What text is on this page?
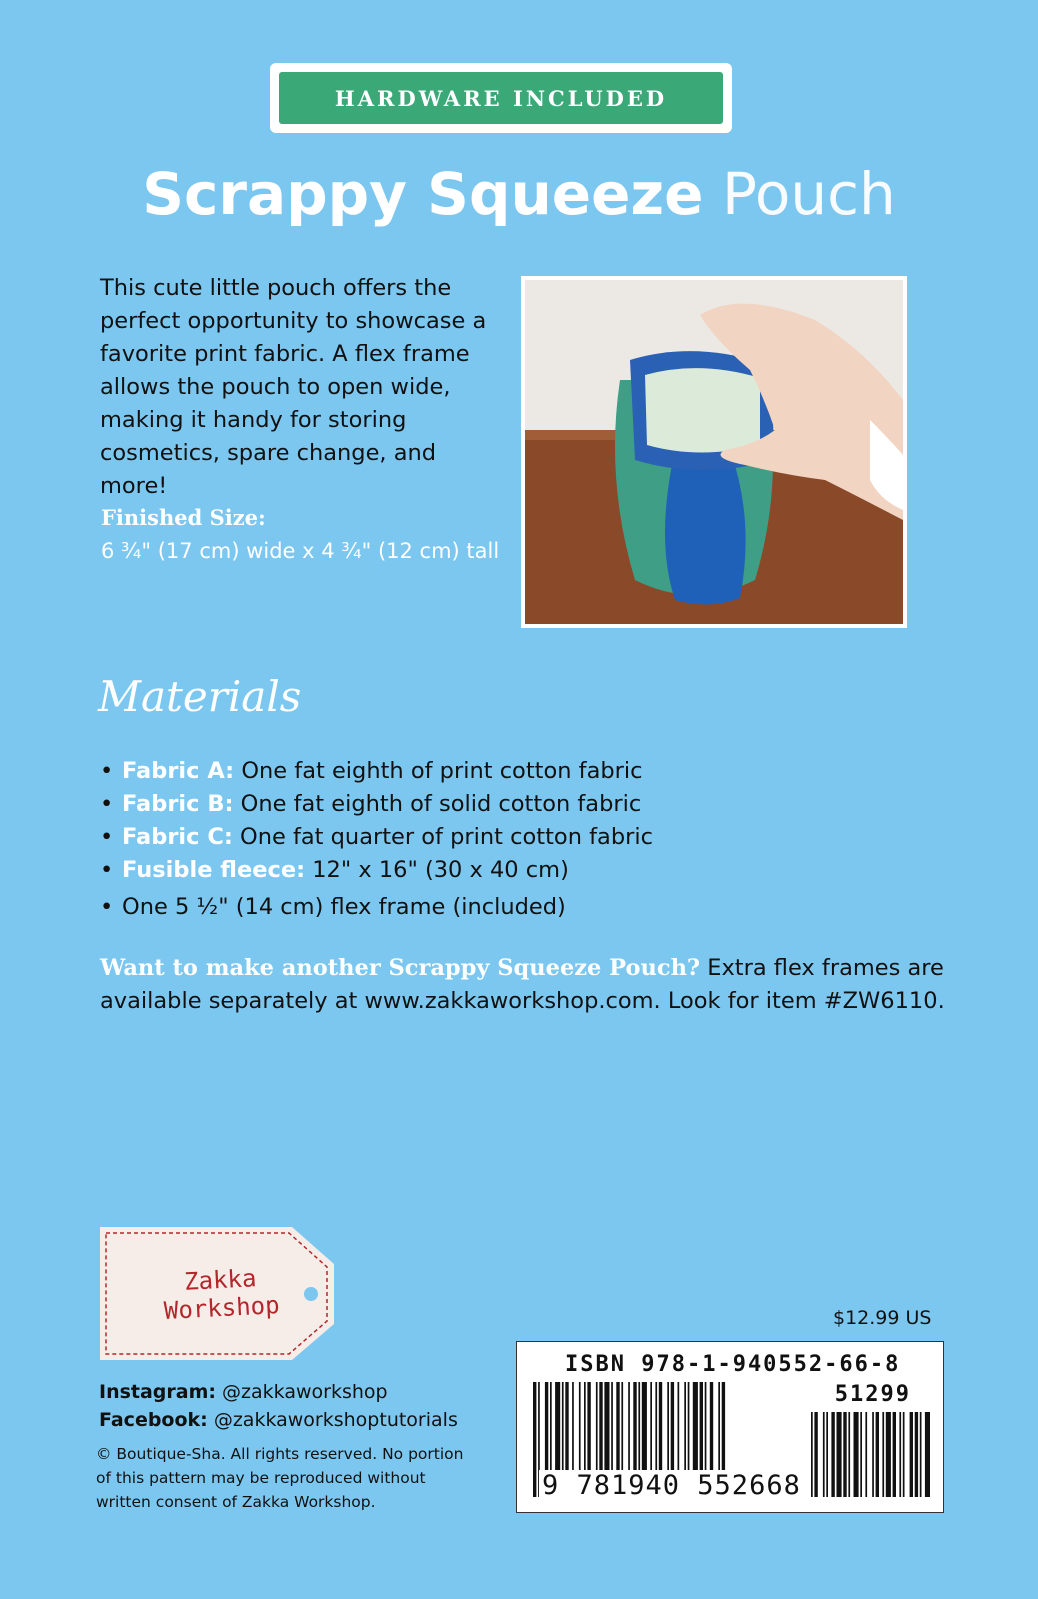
HARDWARE INCLUDED
Scrappy Squeeze Pouch
This cute little pouch offers the perfect opportunity to showcase a favorite print fabric. A flex frame allows the pouch to open wide, making it handy for storing cosmetics, spare change, and more!
Finished Size:
6 ¾" (17 cm) wide x 4 ¾" (12 cm) tall
Materials
• Fabric A: One fat eighth of print cotton fabric
• Fabric B: One fat eighth of solid cotton fabric
• Fabric C: One fat quarter of print cotton fabric
• Fusible fleece: 12" x 16" (30 x 40 cm)
• One 5 ½" (14 cm) flex frame (included)
Want to make another Scrappy Squeeze Pouch? Extra flex frames are available separately at www.zakkaworkshop.com. Look for item #ZW6110.
Zakka
Workshop
Instagram: @zakkaworkshop
Facebook: @zakkaworkshoptutorials
© Boutique-Sha. All rights reserved. No portion of this pattern may be reproduced without written consent of Zakka Workshop.
$12.99 US
ISBN 978-1-940552-66-8
51299
9 781940 552668
